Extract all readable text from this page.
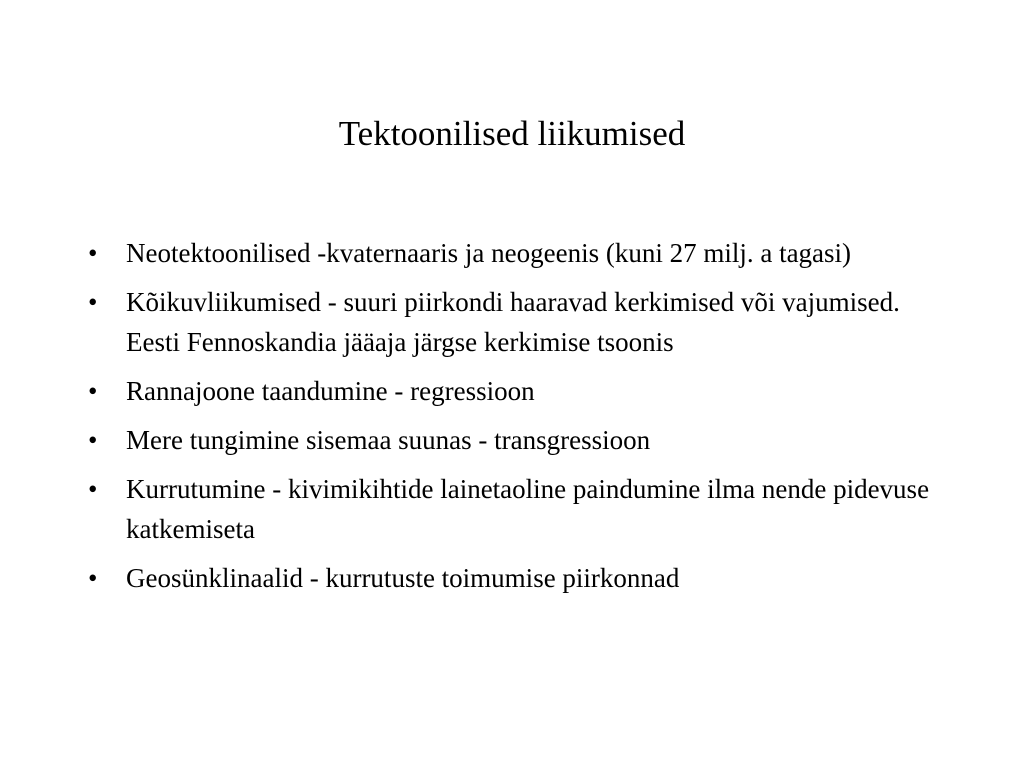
Tektoonilised liikumised
•	Neotektoonilised -kvaternaaris ja neogeenis (kuni 27 milj. a tagasi)
•	Kõikuvliikumised - suuri piirkondi haaravad kerkimised või vajumised. Eesti Fennoskandia jääaja järgse kerkimise tsoonis
•	Rannajoone taandumine - regressioon
•	Mere tungimine sisemaa suunas - transgressioon
•	Kurrutumine - kivimikihtide lainetaoline paindumine ilma nende pidevuse katkemiseta
•	Geosünklinaalid - kurrutuste toimumise piirkonnad
